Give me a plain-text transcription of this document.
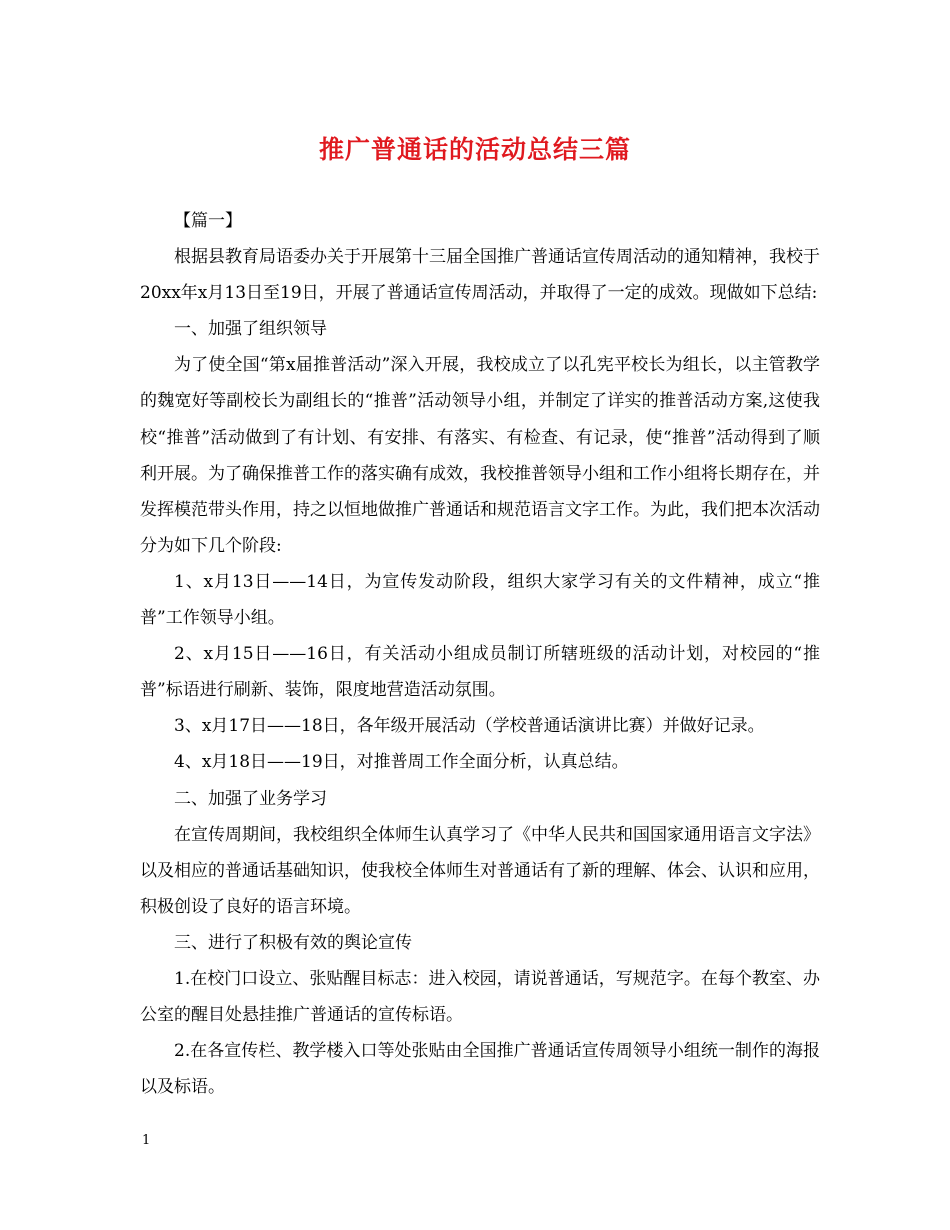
推广普通话的活动总结三篇

【篇一】

根据县教育局语委办关于开展第十三届全国推广普通话宣传周活动的通知精神，我校于20xx年x月13日至19日，开展了普通话宣传周活动，并取得了一定的成效。现做如下总结:

一、加强了组织领导

为了使全国“第x届推普活动”深入开展，我校成立了以孔宪平校长为组长，以主管教学的魏宽好等副校长为副组长的“推普”活动领导小组，并制定了详实的推普活动方案,这使我校“推普”活动做到了有计划、有安排、有落实、有检查、有记录，使“推普”活动得到了顺利开展。为了确保推普工作的落实确有成效，我校推普领导小组和工作小组将长期存在，并发挥模范带头作用，持之以恒地做推广普通话和规范语言文字工作。为此，我们把本次活动分为如下几个阶段:

1、x月13日——14日，为宣传发动阶段，组织大家学习有关的文件精神，成立“推普”工作领导小组。

2、x月15日——16日，有关活动小组成员制订所辖班级的活动计划，对校园的“推普”标语进行刷新、装饰，限度地营造活动氛围。

3、x月17日——18日，各年级开展活动（学校普通话演讲比赛）并做好记录。

4、x月18日——19日，对推普周工作全面分析，认真总结。

二、加强了业务学习

在宣传周期间，我校组织全体师生认真学习了《中华人民共和国国家通用语言文字法》以及相应的普通话基础知识，使我校全体师生对普通话有了新的理解、体会、认识和应用，积极创设了良好的语言环境。

三、进行了积极有效的舆论宣传

1.在校门口设立、张贴醒目标志：进入校园，请说普通话，写规范字。在每个教室、办公室的醒目处悬挂推广普通话的宣传标语。

2.在各宣传栏、教学楼入口等处张贴由全国推广普通话宣传周领导小组统一制作的海报以及标语。

1
